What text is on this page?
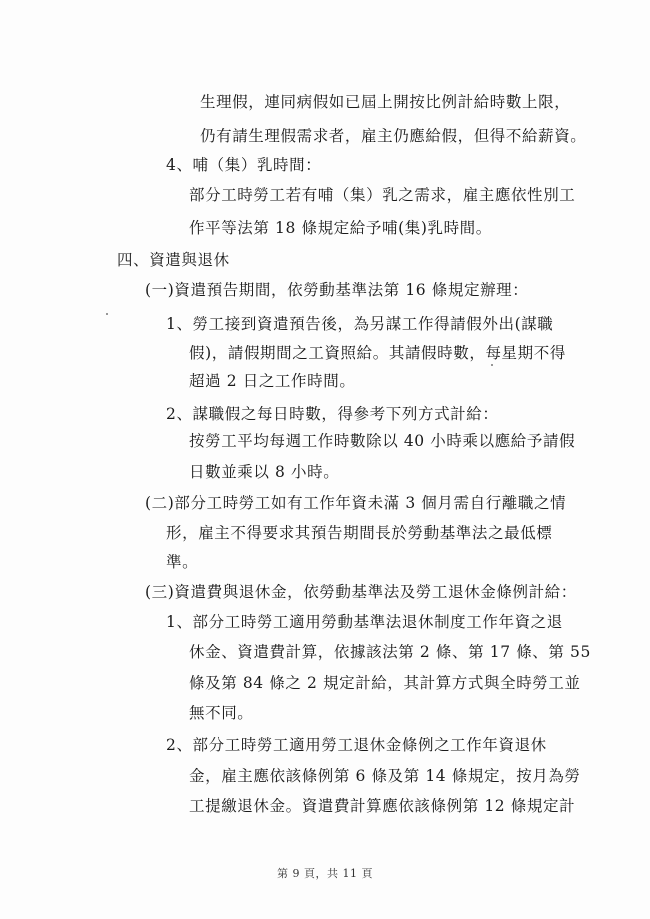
生理假，連同病假如已屆上開按比例計給時數上限，
仍有請生理假需求者，雇主仍應給假，但得不給薪資。
4、哺（集）乳時間：
部分工時勞工若有哺（集）乳之需求，雇主應依性別工
作平等法第 18 條規定給予哺(集)乳時間。
四、資遣與退休
(一)資遣預告期間，依勞動基準法第 16 條規定辦理：
1、勞工接到資遣預告後，為另謀工作得請假外出(謀職
假)，請假期間之工資照給。其請假時數，每星期不得
超過 2 日之工作時間。
2、謀職假之每日時數，得參考下列方式計給：
按勞工平均每週工作時數除以 40 小時乘以應給予請假
日數並乘以 8 小時。
(二)部分工時勞工如有工作年資未滿 3 個月需自行離職之情
形，雇主不得要求其預告期間長於勞動基準法之最低標
準。
(三)資遣費與退休金，依勞動基準法及勞工退休金條例計給：
1、部分工時勞工適用勞動基準法退休制度工作年資之退
休金、資遣費計算，依據該法第 2 條、第 17 條、第 55
條及第 84 條之 2 規定計給，其計算方式與全時勞工並
無不同。
2、部分工時勞工適用勞工退休金條例之工作年資退休
金，雇主應依該條例第 6 條及第 14 條規定，按月為勞
工提繳退休金。資遣費計算應依該條例第 12 條規定計
第 9 頁，共 11 頁
